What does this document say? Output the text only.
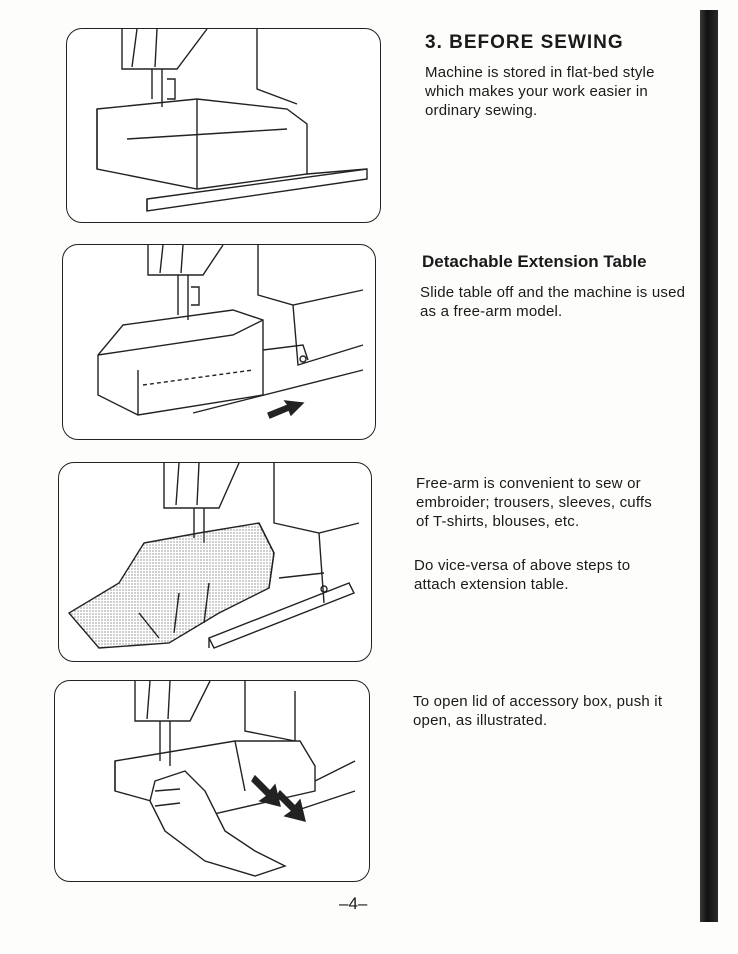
3. BEFORE SEWING
Machine is stored in flat-bed style which makes your work easier in ordinary sewing.
Detachable Extension Table
Slide table off and the machine is used as a free-arm model.
Free-arm is convenient to sew or embroider; trousers, sleeves, cuffs of T-shirts, blouses, etc.
Do vice-versa of above steps to attach extension table.
To open lid of accessory box, push it open, as illustrated.
–4–
